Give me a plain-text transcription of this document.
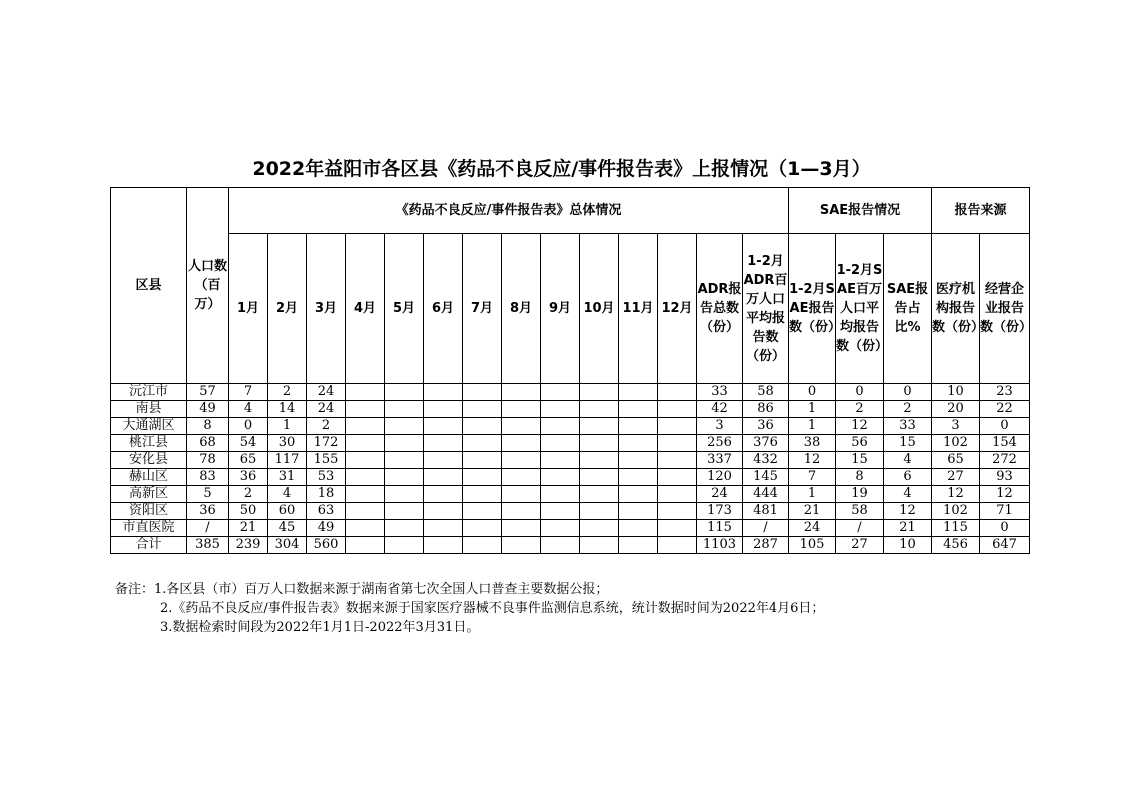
2022年益阳市各区县《药品不良反应/事件报告表》上报情况（1—3月）
区县	人口数（百万）	《药品不良反应/事件报告表》总体情况														SAE报告情况			报告来源	
		1月	2月	3月	4月	5月	6月	7月	8月	9月	10月	11月	12月	ADR报告总数（份）	1-2月ADR百万人口平均报告数（份）	1-2月SAE报告数（份）	1-2月SAE百万人口平均报告数（份）	SAE报告占比%	医疗机构报告数（份）	经营企业报告数（份）
沅江市	57	7	2	24										33	58	0	0	0	10	23
南县	49	4	14	24										42	86	1	2	2	20	22
大通湖区	8	0	1	2										3	36	1	12	33	3	0
桃江县	68	54	30	172										256	376	38	56	15	102	154
安化县	78	65	117	155										337	432	12	15	4	65	272
赫山区	83	36	31	53										120	145	7	8	6	27	93
高新区	5	2	4	18										24	444	1	19	4	12	12
资阳区	36	50	60	63										173	481	21	58	12	102	71
市直医院	/	21	45	49										115	/	24	/	21	115	0
合计	385	239	304	560										1103	287	105	27	10	456	647
备注：1.各区县（市）百万人口数据来源于湖南省第七次全国人口普查主要数据公报；
2.《药品不良反应/事件报告表》数据来源于国家医疗器械不良事件监测信息系统，统计数据时间为2022年4月6日；
3.数据检索时间段为2022年1月1日-2022年3月31日。
